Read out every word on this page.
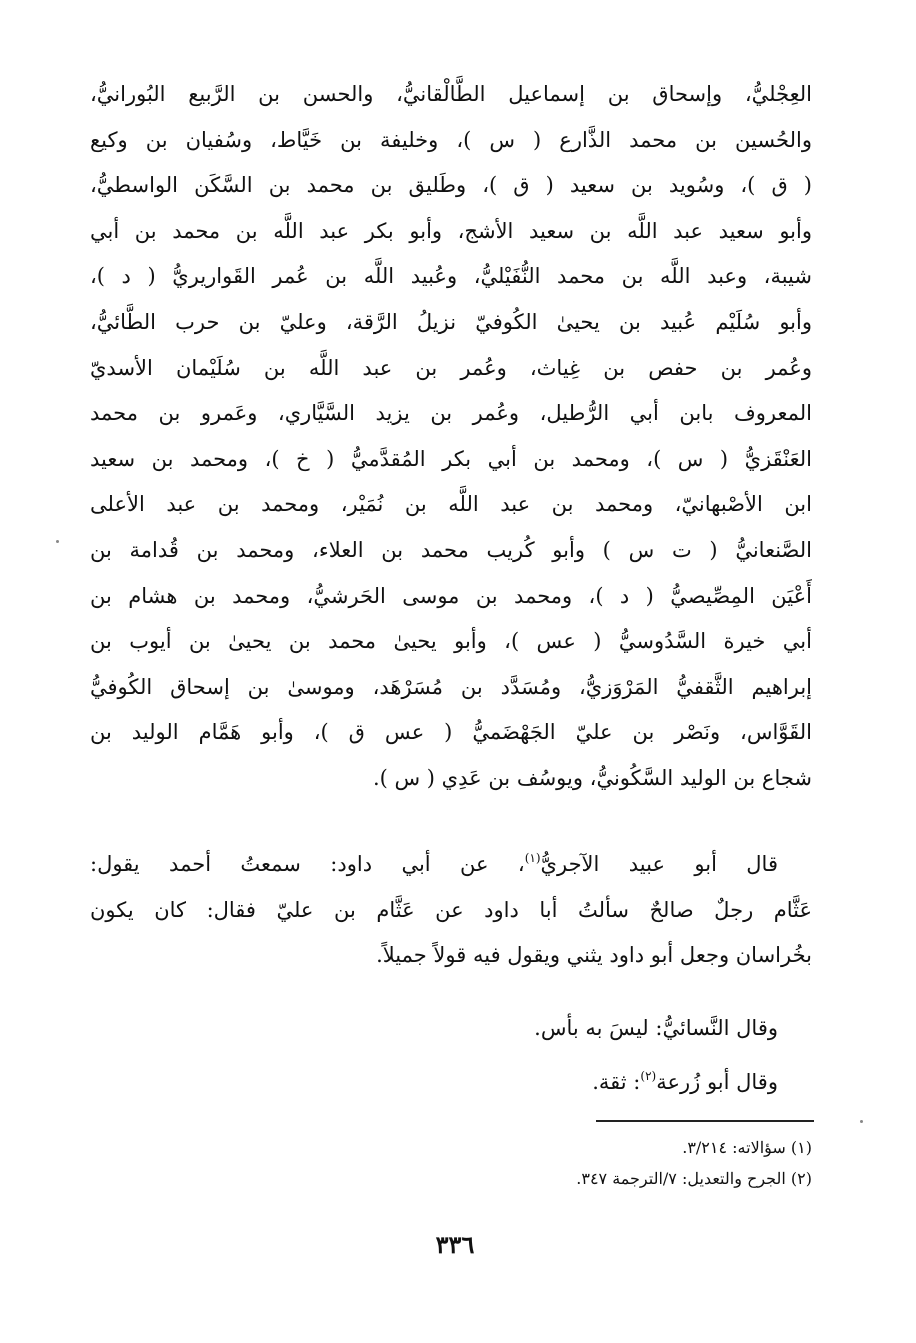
العِجْليُّ، وإسحاق بن إسماعيل الطَّالْقانيُّ، والحسن بن الرَّبيع البُورانيُّ،
والحُسين بن محمد الذَّارع ( س )، وخليفة بن خَيَّاط، وسُفيان بن وكيع
( ق )، وسُويد بن سعيد ( ق )، وطَليق بن محمد بن السَّكَن الواسطيُّ،
وأبو سعيد عبد اللَّه بن سعيد الأشج، وأبو بكر عبد اللَّه بن محمد بن أبي
شيبة، وعبد اللَّه بن محمد النُّفَيْليُّ، وعُبيد اللَّه بن عُمر القَواريريُّ ( د )،
وأبو سُلَيْم عُبيد بن يحيىٰ الكُوفيّ نزيلُ الرَّقة، وعليّ بن حرب الطَّائيُّ،
وعُمر بن حفص بن غِياث، وعُمر بن عبد اللَّه بن سُلَيْمان الأسديّ
المعروف بابن أبي الرُّطيل، وعُمر بن يزيد السَّيَّاري، وعَمرو بن محمد
العَنْقَزيُّ ( س )، ومحمد بن أبي بكر المُقدَّميُّ ( خ )، ومحمد بن سعيد
ابن الأصْبهانيّ، ومحمد بن عبد اللَّه بن نُمَيْر، ومحمد بن عبد الأعلى
الصَّنعانيُّ ( ت س ) وأبو كُريب محمد بن العلاء، ومحمد بن قُدامة بن
أَعْيَن المِصِّيصيُّ ( د )، ومحمد بن موسى الحَرشيُّ، ومحمد بن هشام بن
أبي خيرة السَّدُوسيُّ ( عس )، وأبو يحيىٰ محمد بن يحيىٰ بن أيوب بن
إبراهيم الثَّقفيُّ المَرْوَزيُّ، ومُسَدَّد بن مُسَرْهَد، وموسىٰ بن إسحاق الكُوفيُّ
القَوَّاس، ونَصْر بن عليّ الجَهْضَميُّ ( عس ق )، وأبو هَمَّام الوليد بن
شجاع بن الوليد السَّكُونيُّ، ويوسُف بن عَدِي ( س ).
قال أبو عبيد الآجريُّ$^{(١)}$، عن أبي داود: سمعتُ أحمد يقول:
عَثَّام رجلٌ صالحٌ سألتُ أبا داود عن عَثَّام بن عليّ فقال: كان يكون
بخُراسان وجعل أبو داود يثني ويقول فيه قولاً جميلاً.
وقال النَّسائيُّ: ليسَ به بأس.
وقال أبو زُرعة$^{(٢)}$: ثقة.
(١) سؤالاته: ٣/٢١٤.
(٢) الجرح والتعديل: ٧/الترجمة ٣٤٧.
٣٣٦
